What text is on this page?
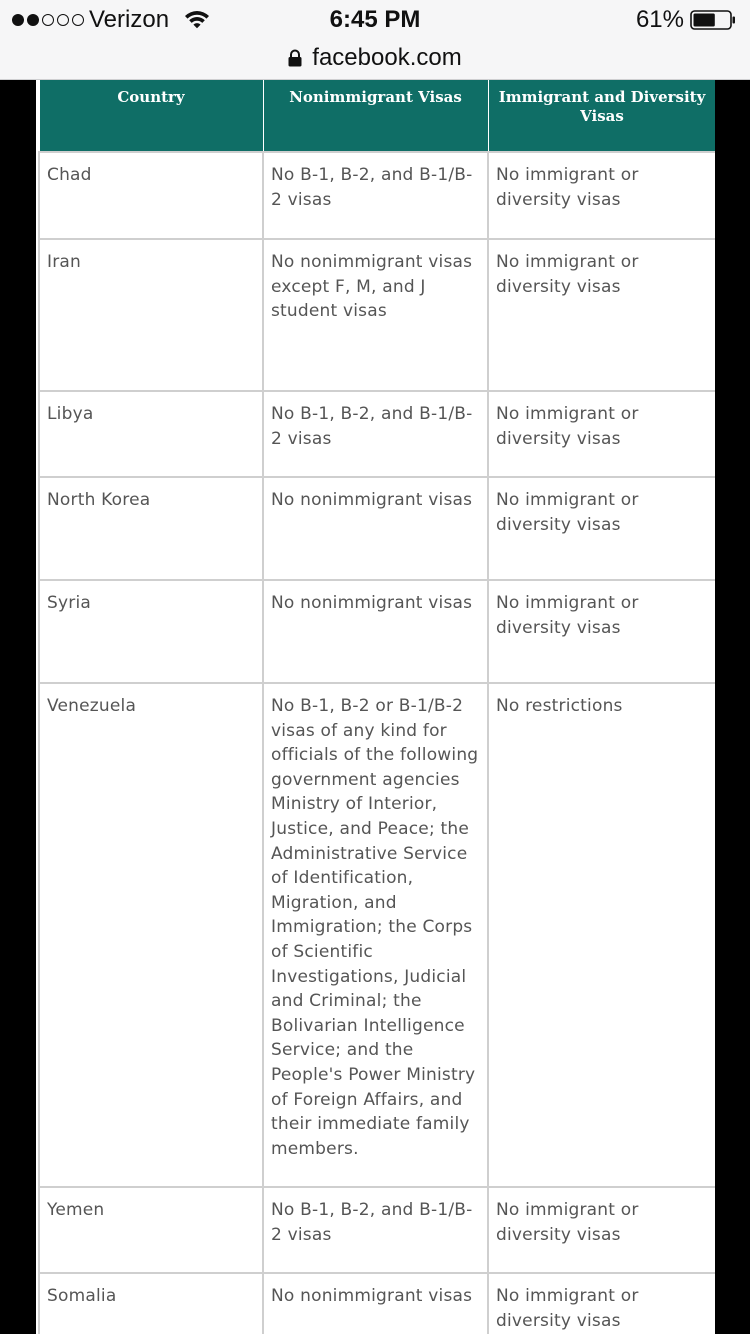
Verizon	6:45 PM	61%
facebook.com
Country	Nonimmigrant Visas	Immigrant and Diversity Visas
Chad	No B-1, B-2, and B-1/B-2 visas	No immigrant or diversity visas
Iran	No nonimmigrant visas except F, M, and J student visas	No immigrant or diversity visas
Libya	No B-1, B-2, and B-1/B-2 visas	No immigrant or diversity visas
North Korea	No nonimmigrant visas	No immigrant or diversity visas
Syria	No nonimmigrant visas	No immigrant or diversity visas
Venezuela	No B-1, B-2 or B-1/B-2 visas of any kind for officials of the following government agencies Ministry of Interior, Justice, and Peace; the Administrative Service of Identification, Migration, and Immigration; the Corps of Scientific Investigations, Judicial and Criminal; the Bolivarian Intelligence Service; and the People's Power Ministry of Foreign Affairs, and their immediate family members.	No restrictions
Yemen	No B-1, B-2, and B-1/B-2 visas	No immigrant or diversity visas
Somalia	No nonimmigrant visas	No immigrant or diversity visas
